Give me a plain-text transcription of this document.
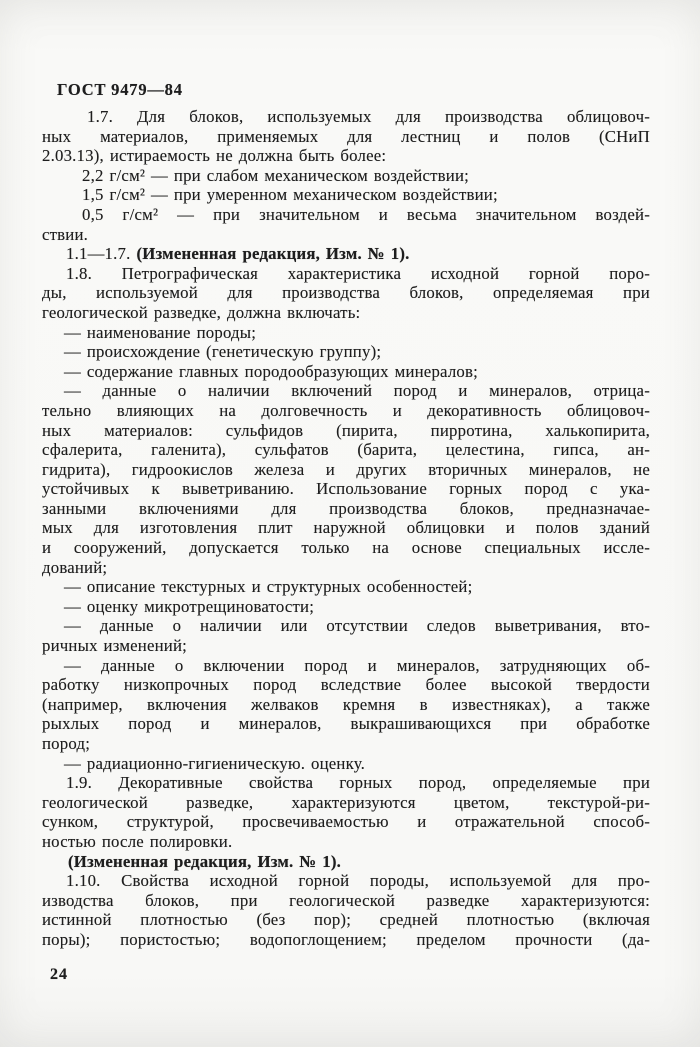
ГОСТ 9479—84
1.7. Для блоков, используемых для производства облицовоч-
ных материалов, применяемых для лестниц и полов (СНиП
2.03.13), истираемость не должна быть более:
2,2 г/см² — при слабом механическом воздействии;
1,5 г/см² — при умеренном механическом воздействии;
0,5 г/см² — при значительном и весьма значительном воздей-
ствии.
1.1—1.7. (Измененная редакция, Изм. № 1).
1.8. Петрографическая характеристика исходной горной поро-
ды, используемой для производства блоков, определяемая при
геологической разведке, должна включать:
— наименование породы;
— происхождение (генетическую группу);
— содержание главных породообразующих минералов;
— данные о наличии включений пород и минералов, отрица-
тельно влияющих на долговечность и декоративность облицовоч-
ных материалов: сульфидов (пирита, пирротина, халькопирита,
сфалерита, галенита), сульфатов (барита, целестина, гипса, ан-
гидрита), гидроокислов железа и других вторичных минералов, не
устойчивых к выветриванию. Использование горных пород с ука-
занными включениями для производства блоков, предназначае-
мых для изготовления плит наружной облицовки и полов зданий
и сооружений, допускается только на основе специальных иссле-
дований;
— описание текстурных и структурных особенностей;
— оценку микротрещиноватости;
— данные о наличии или отсутствии следов выветривания, вто-
ричных изменений;
— данные о включении пород и минералов, затрудняющих об-
работку низкопрочных пород вследствие более высокой твердости
(например, включения желваков кремня в известняках), а также
рыхлых пород и минералов, выкрашивающихся при обработке
пород;
— радиационно-гигиеническую. оценку.
1.9. Декоративные свойства горных пород, определяемые при
геологической разведке, характеризуются цветом, текстурой-ри-
сунком, структурой, просвечиваемостью и отражательной способ-
ностью после полировки.
(Измененная редакция, Изм. № 1).
1.10. Свойства исходной горной породы, используемой для про-
изводства блоков, при геологической разведке характеризуются:
истинной плотностью (без пор); средней плотностью (включая
поры); пористостью; водопоглощением; пределом прочности (да-
24
